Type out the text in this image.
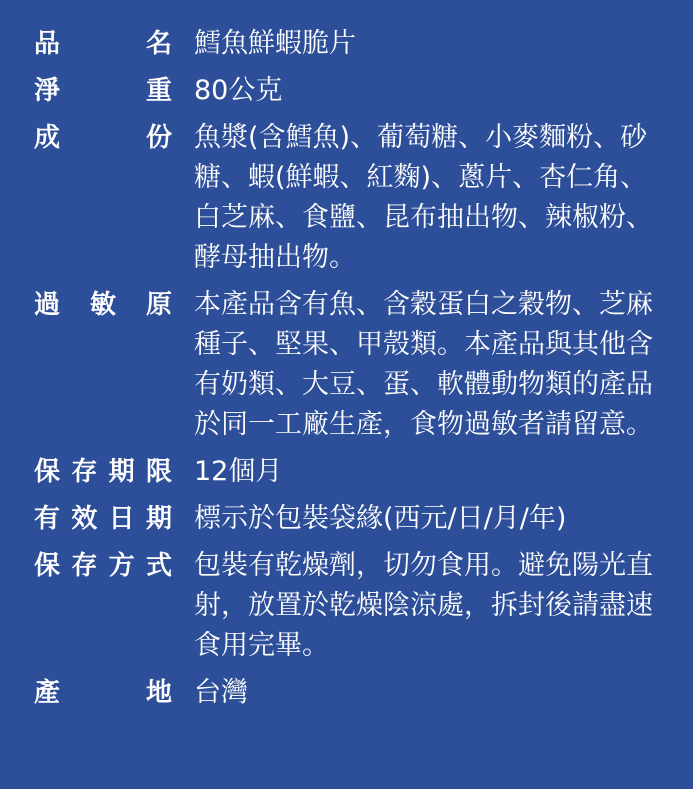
品	名 鱈魚鮮蝦脆片
淨	重 80公克
成	份 魚漿(含鱈魚)、葡萄糖、小麥麵粉、砂糖、蝦(鮮蝦、紅麴)、蔥片、杏仁角、白芝麻、食鹽、昆布抽出物、辣椒粉、酵母抽出物。
過 敏 原 本產品含有魚、含穀蛋白之穀物、芝麻種子、堅果、甲殼類。本產品與其他含有奶類、大豆、蛋、軟體動物類的產品於同一工廠生產，食物過敏者請留意。
保 存 期 限 12個月
有 效 日 期 標示於包裝袋緣(西元/日/月/年)
保 存 方 式 包裝有乾燥劑，切勿食用。避免陽光直射，放置於乾燥陰涼處，拆封後請盡速食用完畢。
產	地 台灣
